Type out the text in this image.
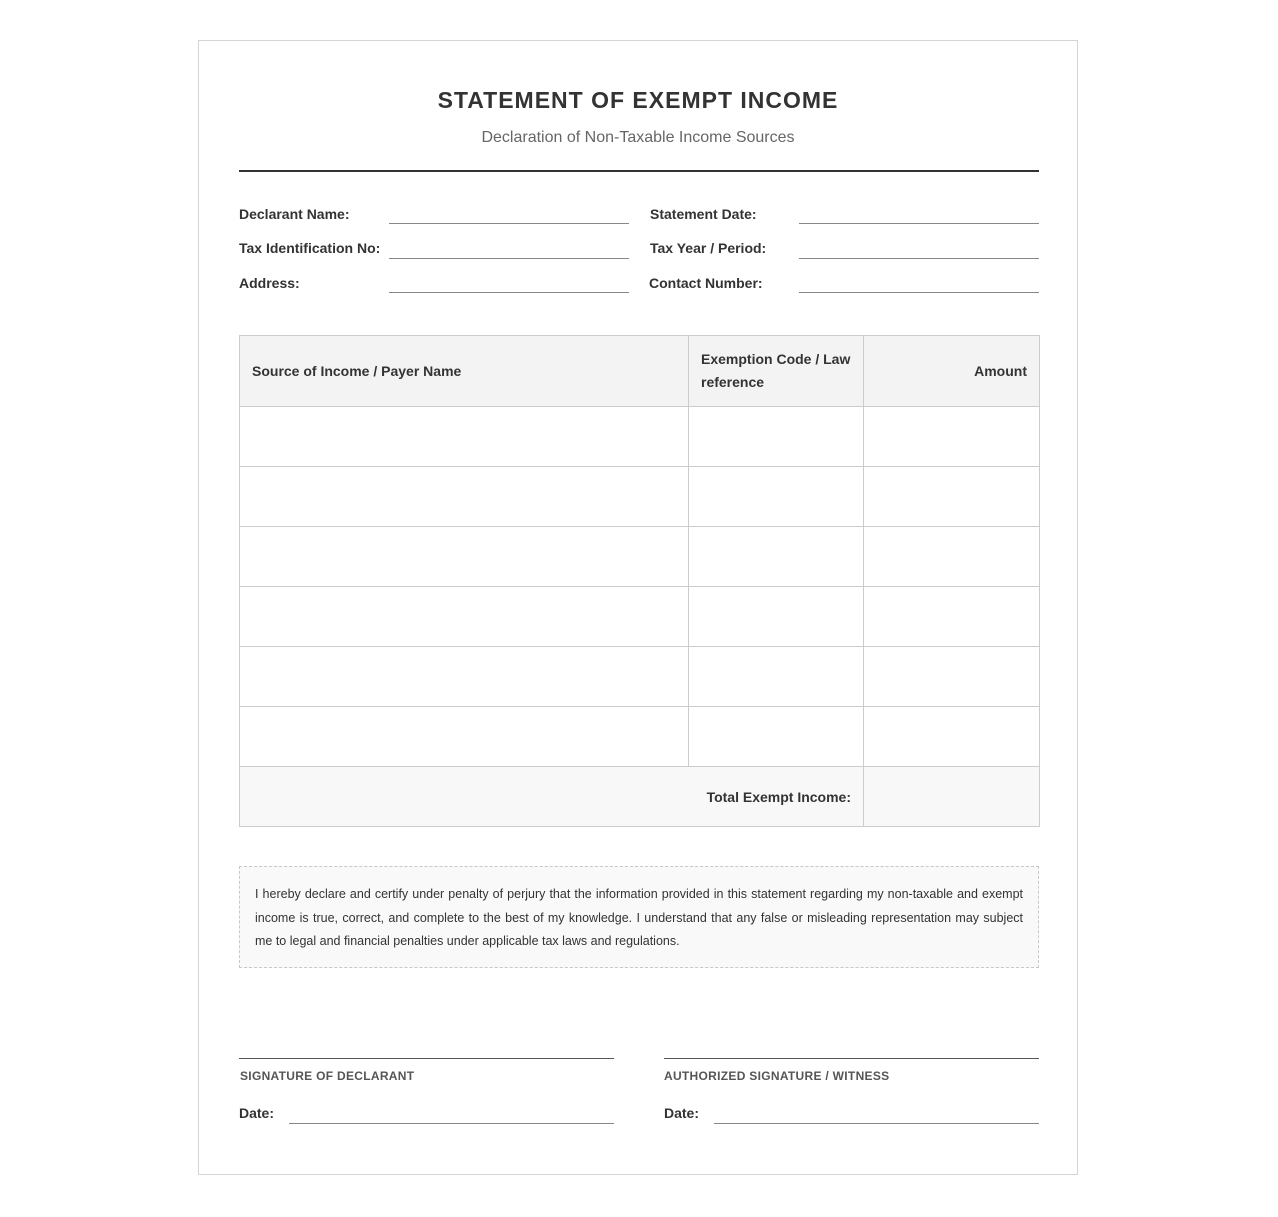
STATEMENT OF EXEMPT INCOME
Declaration of Non-Taxable Income Sources
Declarant Name:
Tax Identification No:
Address:
Statement Date:
Tax Year / Period:
Contact Number:
Source of Income / Payer Name	Exemption Code / Law reference	Amount

Total Exempt Income:		
I hereby declare and certify under penalty of perjury that the information provided in this statement regarding my non-taxable and exempt income is true, correct, and complete to the best of my knowledge. I understand that any false or misleading representation may subject me to legal and financial penalties under applicable tax laws and regulations.
SIGNATURE OF DECLARANT
Date:
AUTHORIZED SIGNATURE / WITNESS
Date:
